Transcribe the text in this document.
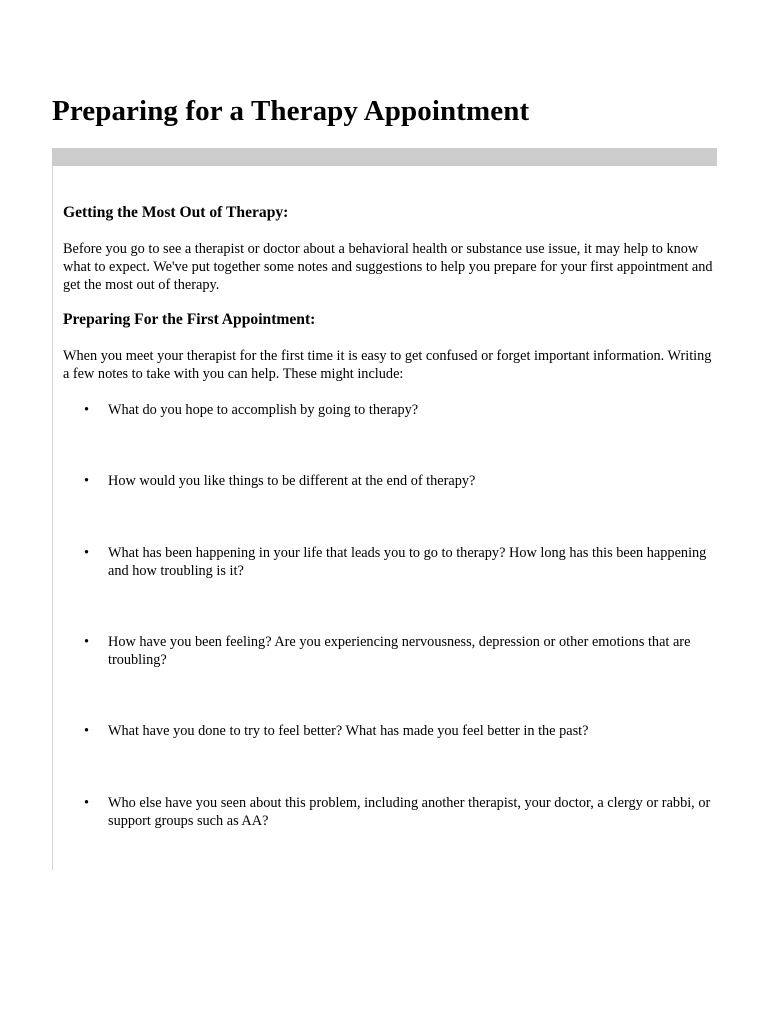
Preparing for a Therapy Appointment
Getting the Most Out of Therapy:

Before you go to see a therapist or doctor about a behavioral health or substance use issue, it may help to know what to expect. We've put together some notes and suggestions to help you prepare for your first appointment and get the most out of therapy.

Preparing For the First Appointment:

When you meet your therapist for the first time it is easy to get confused or forget important information. Writing a few notes to take with you can help. These might include:

• What do you hope to accomplish by going to therapy?
• How would you like things to be different at the end of therapy?
• What has been happening in your life that leads you to go to therapy? How long has this been happening and how troubling is it?
• How have you been feeling? Are you experiencing nervousness, depression or other emotions that are troubling?
• What have you done to try to feel better? What has made you feel better in the past?
• Who else have you seen about this problem, including another therapist, your doctor, a clergy or rabbi, or support groups such as AA?
